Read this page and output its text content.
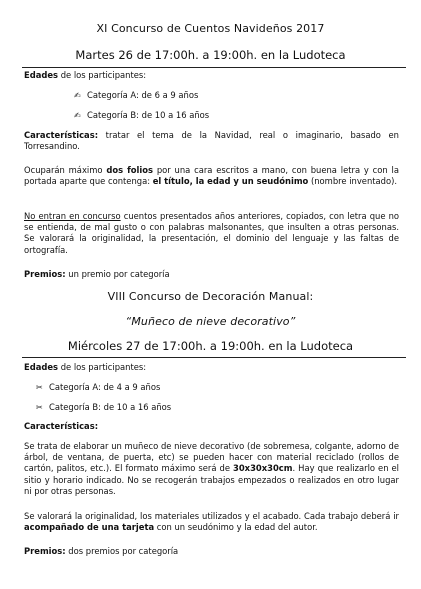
XI Concurso de Cuentos Navideños 2017
Martes 26 de 17:00h. a 19:00h. en la Ludoteca
Edades de los participantes:
✍ Categoría A: de 6 a 9 años
✍ Categoría B: de 10 a 16 años
Características: tratar el tema de la Navidad, real o imaginario, basado en Torresandino.
Ocuparán máximo dos folios por una cara escritos a mano, con buena letra y con la portada aparte que contenga: el título, la edad y un seudónimo (nombre inventado).
No entran en concurso cuentos presentados años anteriores, copiados, con letra que no se entienda, de mal gusto o con palabras malsonantes, que insulten a otras personas. Se valorará la originalidad, la presentación, el dominio del lenguaje y las faltas de ortografía.
Premios: un premio por categoría
VIII Concurso de Decoración Manual:
“Muñeco de nieve decorativo”
Miércoles 27 de 17:00h. a 19:00h. en la Ludoteca
Edades de los participantes:
✂ Categoría A: de 4 a 9 años
✂ Categoría B: de 10 a 16 años
Características:
Se trata de elaborar un muñeco de nieve decorativo (de sobremesa, colgante, adorno de árbol, de ventana, de puerta, etc) se pueden hacer con material reciclado (rollos de cartón, palitos, etc.). El formato máximo será de 30x30x30cm. Hay que realizarlo en el sitio y horario indicado. No se recogerán trabajos empezados o realizados en otro lugar ni por otras personas.
Se valorará la originalidad, los materiales utilizados y el acabado. Cada trabajo deberá ir acompañado de una tarjeta con un seudónimo y la edad del autor.
Premios: dos premios por categoría
